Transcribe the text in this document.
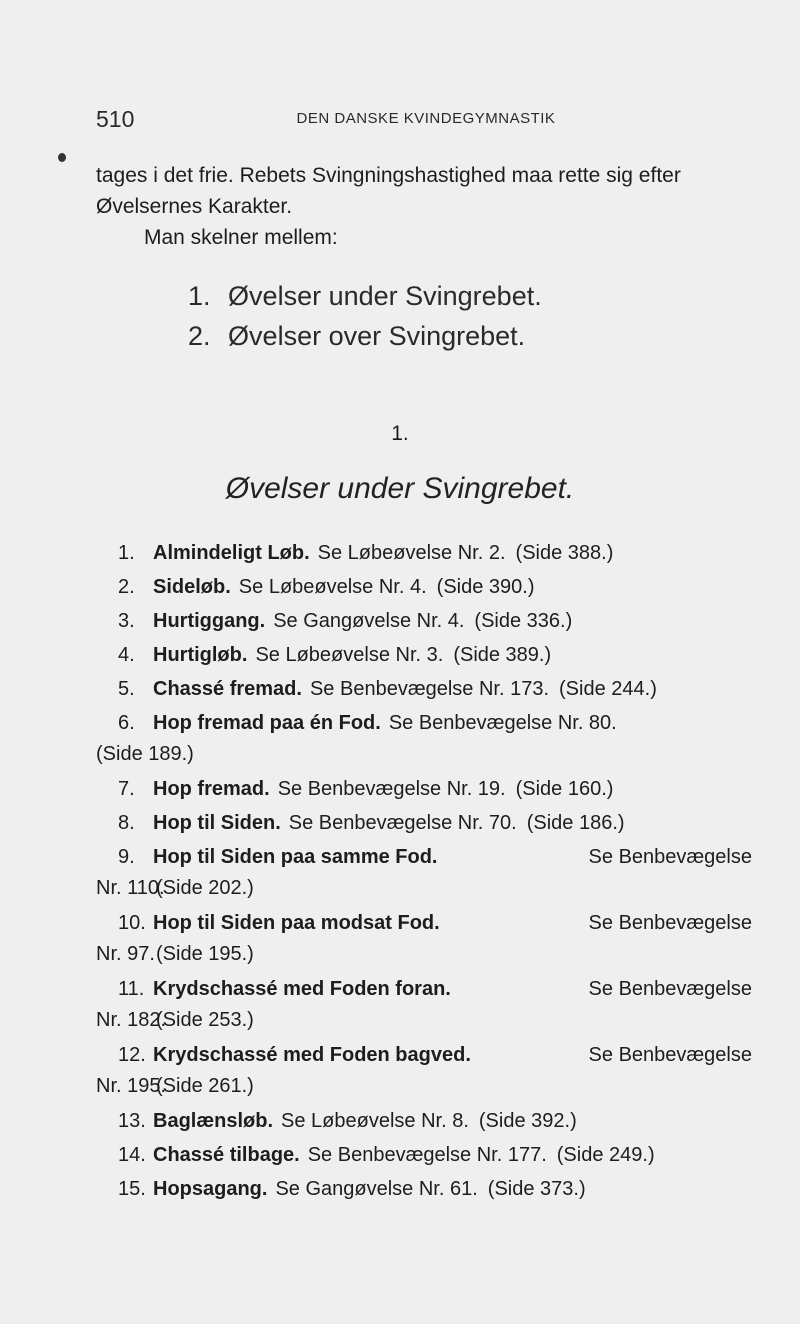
510	DEN DANSKE KVINDEGYMNASTIK
tages i det frie. Rebets Svingningshastighed maa rette sig efter
Øvelsernes Karakter.
Man skelner mellem:
1. Øvelser under Svingrebet.
2. Øvelser over Svingrebet.
1.
Øvelser under Svingrebet.
1. Almindeligt Løb. Se Løbeøvelse Nr. 2. (Side 388.)
2. Sideløb. Se Løbeøvelse Nr. 4. (Side 390.)
3. Hurtiggang. Se Gangøvelse Nr. 4. (Side 336.)
4. Hurtigløb. Se Løbeøvelse Nr. 3. (Side 389.)
5. Chassé fremad. Se Benbevægelse Nr. 173. (Side 244.)
6. Hop fremad paa én Fod. Se Benbevægelse Nr. 80.
(Side 189.)
7. Hop fremad. Se Benbevægelse Nr. 19. (Side 160.)
8. Hop til Siden. Se Benbevægelse Nr. 70. (Side 186.)
9. Hop til Siden paa samme Fod.	Se Benbevægelse
Nr. 110.(Side 202.)
10. Hop til Siden paa modsat Fod.	Se Benbevægelse
Nr. 97.(Side 195.)
11. Krydschassé med Foden foran.	Se Benbevægelse
Nr. 182.(Side 253.)
12. Krydschassé med Foden bagved.	Se Benbevægelse
Nr. 195.(Side 261.)
13. Baglænsløb. Se Løbeøvelse Nr. 8. (Side 392.)
14. Chassé tilbage. Se Benbevægelse Nr. 177. (Side 249.)
15. Hopsagang. Se Gangøvelse Nr. 61. (Side 373.)
